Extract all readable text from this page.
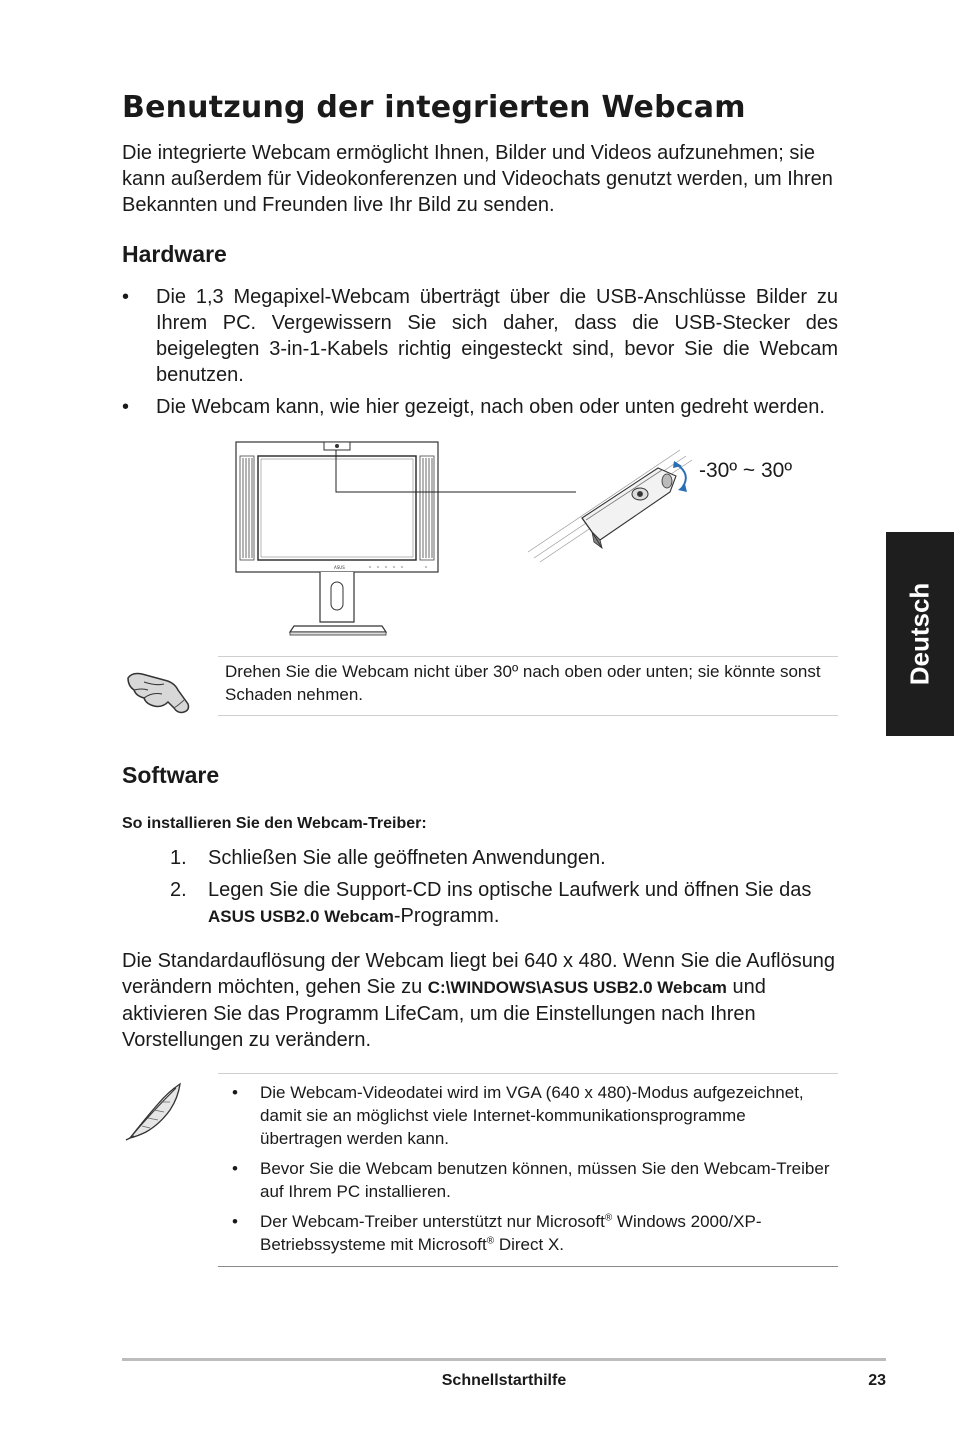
Benutzung der integrierten Webcam
Die integrierte Webcam ermöglicht Ihnen, Bilder und Videos aufzunehmen; sie kann außerdem für Videokonferenzen und Videochats genutzt werden, um Ihren Bekannten und Freunden live Ihr Bild zu senden.
Hardware
• Die 1,3 Megapixel-Webcam überträgt über die USB-Anschlüsse Bilder zu Ihrem PC. Vergewissern Sie sich daher, dass die USB-Stecker des beigelegten 3-in-1-Kabels richtig eingesteckt sind, bevor Sie die Webcam benutzen.
• Die Webcam kann, wie hier gezeigt, nach oben oder unten gedreht werden.
ASUS
-30º ~ 30º
Drehen Sie die Webcam nicht über 30º nach oben oder unten; sie könnte sonst Schaden nehmen.
Software
So installieren Sie den Webcam-Treiber:
1. Schließen Sie alle geöffneten Anwendungen.
2. Legen Sie die Support-CD ins optische Laufwerk und öffnen Sie das ASUS USB2.0 Webcam-Programm.
Die Standardauflösung der Webcam liegt bei 640 x 480. Wenn Sie die Auflösung verändern möchten, gehen Sie zu C:\WINDOWS\ASUS USB2.0 Webcam und aktivieren Sie das Programm LifeCam, um die Einstellungen nach Ihren Vorstellungen zu verändern.
• Die Webcam-Videodatei wird im VGA (640 x 480)-Modus aufgezeichnet, damit sie an möglichst viele Internet-kommunikationsprogramme übertragen werden kann.
• Bevor Sie die Webcam benutzen können, müssen Sie den Webcam-Treiber auf Ihrem PC installieren.
• Der Webcam-Treiber unterstützt nur Microsoft® Windows 2000/XP-Betriebssysteme mit Microsoft® Direct X.
Deutsch
Schnellstarthilfe	23
